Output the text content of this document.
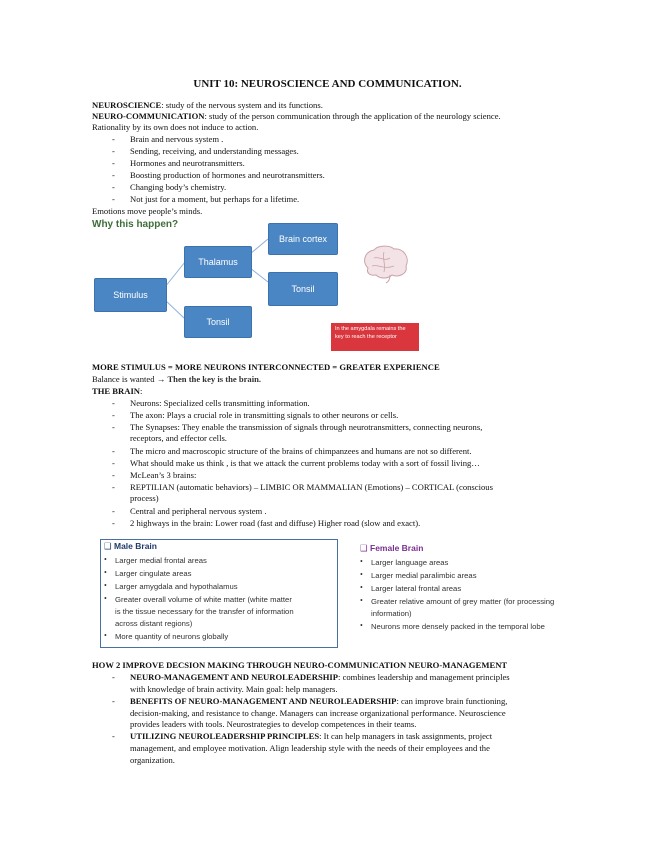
UNIT 10: NEUROSCIENCE AND COMMUNICATION.
NEUROSCIENCE: study of the nervous system and its functions.
NEURO-COMMUNICATION: study of the person communication through the application of the neurology science.
Rationality by its own does not induce to action.
- Brain and nervous system .
- Sending, receiving, and understanding messages.
- Hormones and neurotransmitters.
- Boosting production of hormones and neurotransmitters.
- Changing body’s chemistry.
- Not just for a moment, but perhaps for a lifetime.
Emotions move people’s minds.
Why this happen?
Stimulus
Thalamus
Tonsil
Brain cortex
Tonsil
In the amygdala remains the key to reach the receptor
MORE STIMULUS = MORE NEURONS INTERCONNECTED = GREATER EXPERIENCE
Balance is wanted → Then the key is the brain.
THE BRAIN:
- Neurons: Specialized cells transmitting information.
- The axon: Plays a crucial role in transmitting signals to other neurons or cells.
- The Synapses: They enable the transmission of signals through neurotransmitters, connecting neurons,
receptors, and effector cells.
- The micro and macroscopic structure of the brains of chimpanzees and humans are not so different.
- What should make us think , is that we attack the current problems today with a sort of fossil living…
- McLean’s 3 brains:
- REPTILIAN (automatic behaviors) – LIMBIC OR MAMMALIAN (Emotions) – CORTICAL (conscious
process)
- Central and peripheral nervous system .
- 2 highways in the brain: Lower road (fast and diffuse) Higher road (slow and exact).
❑ Male Brain
• Larger medial frontal areas
• Larger cingulate areas
• Larger amygdala and hypothalamus
• Greater overall volume of white matter (white matter
is the tissue necessary for the transfer of information
across distant regions)
• More quantity of neurons globally
❑ Female Brain
• Larger language areas
• Larger medial paralimbic areas
• Larger lateral frontal areas
• Greater relative amount of grey matter (for processing
information)
• Neurons more densely packed in the temporal lobe
HOW 2 IMPROVE DECSION MAKING THROUGH NEURO-COMMUNICATION NEURO-MANAGEMENT
- NEURO-MANAGEMENT AND NEUROLEADERSHIP: combines leadership and management principles
with knowledge of brain activity. Main goal: help managers.
- BENEFITS OF NEURO-MANAGEMENT AND NEUROLEADERSHIP: can improve brain functioning,
decision-making, and resistance to change. Managers can increase organizational performance. Neuroscience
provides leaders with tools. Neurostrategies to develop competences in their teams.
- UTILIZING NEUROLEADERSHIP PRINCIPLES: It can help managers in task assignments, project
management, and employee motivation. Align leadership style with the needs of their employees and the
organization.
